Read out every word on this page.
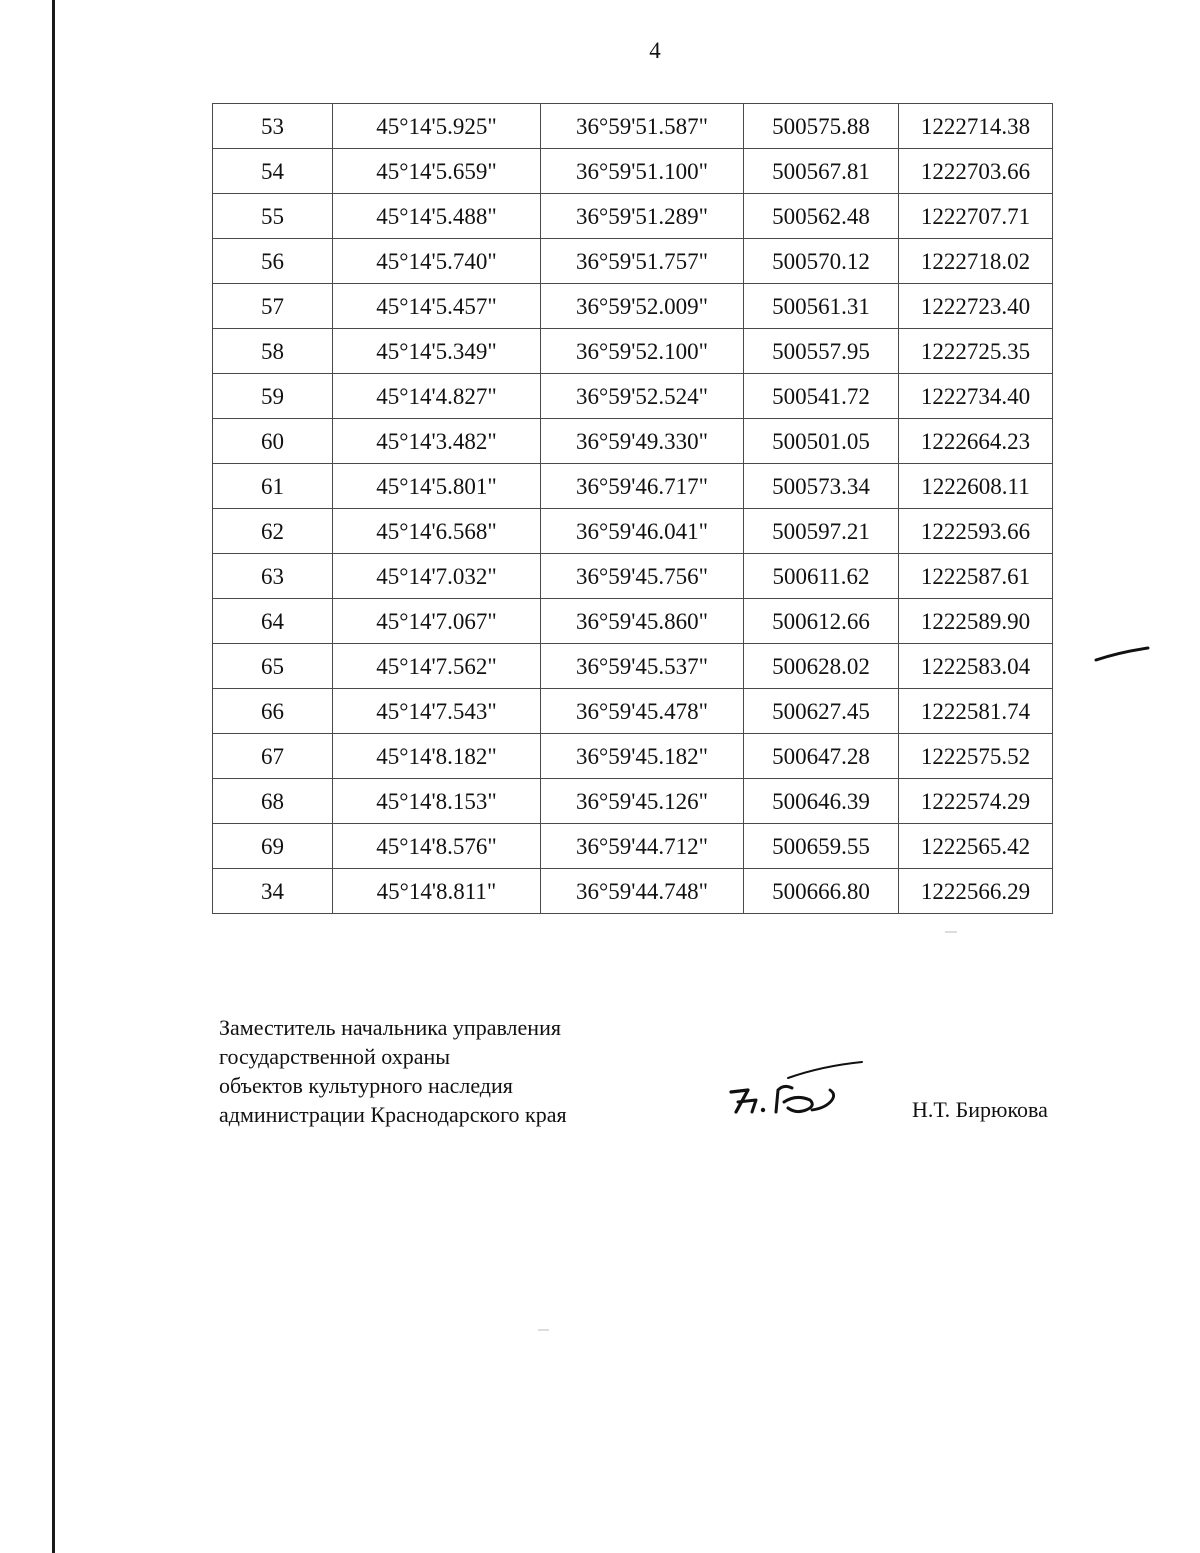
4
53	45°14'5.925"	36°59'51.587"	500575.88	1222714.38
54	45°14'5.659"	36°59'51.100"	500567.81	1222703.66
55	45°14'5.488"	36°59'51.289"	500562.48	1222707.71
56	45°14'5.740"	36°59'51.757"	500570.12	1222718.02
57	45°14'5.457"	36°59'52.009"	500561.31	1222723.40
58	45°14'5.349"	36°59'52.100"	500557.95	1222725.35
59	45°14'4.827"	36°59'52.524"	500541.72	1222734.40
60	45°14'3.482"	36°59'49.330"	500501.05	1222664.23
61	45°14'5.801"	36°59'46.717"	500573.34	1222608.11
62	45°14'6.568"	36°59'46.041"	500597.21	1222593.66
63	45°14'7.032"	36°59'45.756"	500611.62	1222587.61
64	45°14'7.067"	36°59'45.860"	500612.66	1222589.90
65	45°14'7.562"	36°59'45.537"	500628.02	1222583.04
66	45°14'7.543"	36°59'45.478"	500627.45	1222581.74
67	45°14'8.182"	36°59'45.182"	500647.28	1222575.52
68	45°14'8.153"	36°59'45.126"	500646.39	1222574.29
69	45°14'8.576"	36°59'44.712"	500659.55	1222565.42
34	45°14'8.811"	36°59'44.748"	500666.80	1222566.29
Заместитель начальника управления
государственной охраны
объектов культурного наследия
администрации Краснодарского края	Н.Т. Бирюкова
